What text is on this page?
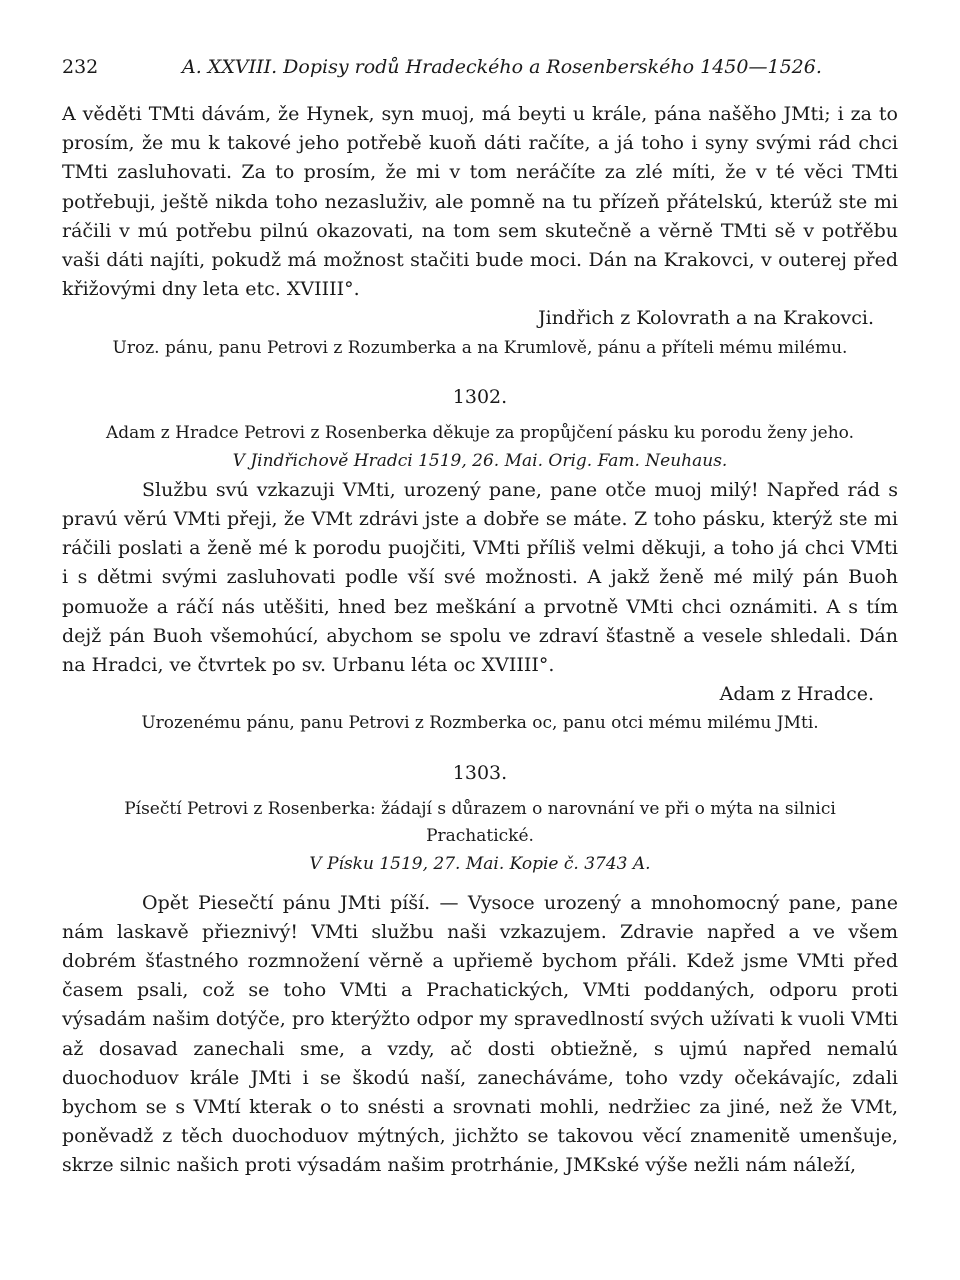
232	A. XXVIII. Dopisy rodů Hradeckého a Rosenberského 1450—1526.

A věděti TMti dávám, že Hynek, syn muoj, má beyti u krále, pána našěho JMti; i za to prosím, že mu k takové jeho potřebě kuoň dáti račíte, a já toho i syny svými rád chci TMti zasluhovati. Za to prosím, že mi v tom neráčíte za zlé míti, že v té věci TMti potřebuji, ještě nikda toho nezasluživ, ale pomně na tu přízeň přátelskú, kterúž ste mi ráčili v mú potřebu pilnú okazovati, na tom sem skutečně a věrně TMti sě v potřěbu vaši dáti najíti, pokudž má možnost stačiti bude moci. Dán na Krakovci, v outerej před křižovými dny leta etc. XVIIII°.

Jindřich z Kolovrath a na Krakovci.
Uroz. pánu, panu Petrovi z Rozumberka a na Krumlově, pánu a příteli mému milému.
1302.
Adam z Hradce Petrovi z Rosenberka děkuje za propůjčení pásku ku porodu ženy jeho.
V Jindřichově Hradci 1519, 26. Mai. Orig. Fam. Neuhaus.

Službu svú vzkazuji VMti, urozený pane, pane otče muoj milý! Napřed rád s pravú věrú VMti přeji, že VMt zdrávi jste a dobře se máte. Z toho pásku, kterýž ste mi ráčili poslati a ženě mé k porodu puojčiti, VMti příliš velmi děkuji, a toho já chci VMti i s dětmi svými zasluhovati podle vší své možnosti. A jakž ženě mé milý pán Buoh pomuože a ráčí nás utěšiti, hned bez meškání a prvotně VMti chci oznámiti. A s tím dejž pán Buoh všemohúcí, abychom se spolu ve zdraví šťastně a vesele shledali. Dán na Hradci, ve čtvrtek po sv. Urbanu léta oc XVIIII°.

Adam z Hradce.
Urozenému pánu, panu Petrovi z Rozmberka oc, panu otci mému milému JMti.
1303.
Písečtí Petrovi z Rosenberka: žádají s důrazem o narovnání ve při o mýta na silnici Prachatické.
V Písku 1519, 27. Mai. Kopie č. 3743 A.

Opět Piesečtí pánu JMti píší. — Vysoce urozený a mnohomocný pane, pane nám laskavě přieznivý! VMti službu naši vzkazujem. Zdravie napřed a ve všem dobrém šťastného rozmnožení věrně a upřiemě bychom přáli. Kdež jsme VMti před časem psali, což se toho VMti a Prachatických, VMti poddaných, odporu proti výsadám našim dotýče, pro kterýžto odpor my spravedlností svých užívati k vuoli VMti až dosavad zanechali sme, a vzdy, ač dosti obtiežně, s ujmú napřed nemalú duochoduov krále JMti i se škodú naší, zanecháváme, toho vzdy očekávajíc, zdali bychom se s VMtí kterak o to snésti a srovnati mohli, nedržiec za jiné, než že VMt, poněvadž z těch duochoduov mýtných, jichžto se takovou věcí znamenitě umenšuje, skrze silnic našich proti výsadám našim protrhánie, JMKské výše nežli nám náleží,
